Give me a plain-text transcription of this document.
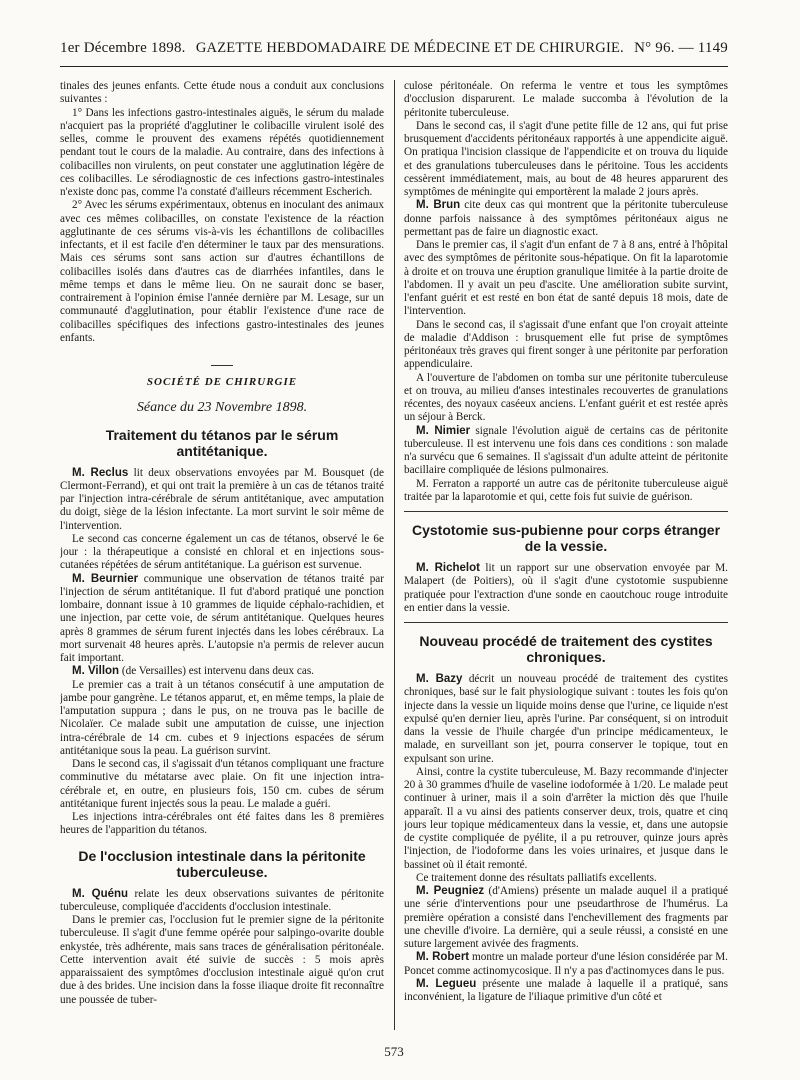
1er Décembre 1898. GAZETTE HEBDOMADAIRE DE MÉDECINE ET DE CHIRURGIE. N° 96. — 1149

tinales des jeunes enfants. Cette étude nous a conduit aux conclusions suivantes :

1° Dans les infections gastro-intestinales aiguës, le sérum du malade n'acquiert pas la propriété d'agglutiner le colibacille virulent isolé des selles, comme le prouvent des examens répétés quotidiennement pendant tout le cours de la maladie. Au contraire, dans des infections à colibacilles non virulents, on peut constater une agglutination légère de ces colibacilles. Le sérodiagnostic de ces infections gastro-intestinales n'existe donc pas, comme l'a constaté d'ailleurs récemment Escherich.

2° Avec les sérums expérimentaux, obtenus en inoculant des animaux avec ces mêmes colibacilles, on constate l'existence de la réaction agglutinante de ces sérums vis-à-vis les échantillons de colibacilles infectants, et il est facile d'en déterminer le taux par des mensurations. Mais ces sérums sont sans action sur d'autres échantillons de colibacilles isolés dans d'autres cas de diarrhées infantiles, dans le même temps et dans le même lieu. On ne saurait donc se baser, contrairement à l'opinion émise l'année dernière par M. Lesage, sur un communauté d'agglutination, pour établir l'existence d'une race de colibacilles spécifiques des infections gastro-intestinales des jeunes enfants.

SOCIÉTÉ DE CHIRURGIE
Séance du 23 Novembre 1898.
Traitement du tétanos par le sérum antitétanique.

M. Reclus lit deux observations envoyées par M. Bousquet (de Clermont-Ferrand), et qui ont trait la première à un cas de tétanos traité par l'injection intra-cérébrale de sérum antitétanique, avec amputation du doigt, siège de la lésion infectante. La mort survint le soir même de l'intervention.

Le second cas concerne également un cas de tétanos, observé le 6e jour : la thérapeutique a consisté en chloral et en injections sous-cutanées répétées de sérum antitétanique. La guérison est survenue.

M. Beurnier communique une observation de tétanos traité par l'injection de sérum antitétanique. Il fut d'abord pratiqué une ponction lombaire, donnant issue à 10 grammes de liquide céphalo-rachidien, et une injection, par cette voie, de sérum antitétanique. Quelques heures après 8 grammes de sérum furent injectés dans les lobes cérébraux. La mort survenait 48 heures après. L'autopsie n'a permis de relever aucun fait important.

M. Villon (de Versailles) est intervenu dans deux cas.

Le premier cas a trait à un tétanos consécutif à une amputation de jambe pour gangrène. Le tétanos apparut, et, en même temps, la plaie de l'amputation suppura ; dans le pus, on ne trouva pas le bacille de Nicolaïer. Ce malade subit une amputation de cuisse, une injection intra-cérébrale de 14 cm. cubes et 9 injections espacées de sérum antitétanique sous la peau. La guérison survint.

Dans le second cas, il s'agissait d'un tétanos compliquant une fracture comminutive du métatarse avec plaie. On fit une injection intra-cérébrale et, en outre, en plusieurs fois, 150 cm. cubes de sérum antitétanique furent injectés sous la peau. Le malade a guéri.

Les injections intra-cérébrales ont été faites dans les 8 premières heures de l'apparition du tétanos.

De l'occlusion intestinale dans la péritonite tuberculeuse.

M. Quénu relate les deux observations suivantes de péritonite tuberculeuse, compliquée d'accidents d'occlusion intestinale.

Dans le premier cas, l'occlusion fut le premier signe de la péritonite tuberculeuse. Il s'agit d'une femme opérée pour salpingo-ovarite double enkystée, très adhérente, mais sans traces de généralisation péritonéale. Cette intervention avait été suivie de succès : 5 mois après apparaissaient des symptômes d'occlusion intestinale aiguë qu'on crut due à des brides. Une incision dans la fosse iliaque droite fit reconnaître une poussée de tuber-

culose péritonéale. On referma le ventre et tous les symptômes d'occlusion disparurent. Le malade succomba à l'évolution de la péritonite tuberculeuse.

Dans le second cas, il s'agit d'une petite fille de 12 ans, qui fut prise brusquement d'accidents péritonéaux rapportés à une appendicite aiguë. On pratiqua l'incision classique de l'appendicite et on trouva du liquide et des granulations tuberculeuses dans le péritoine. Tous les accidents cessèrent immédiatement, mais, au bout de 48 heures apparurent des symptômes de méningite qui emportèrent la malade 2 jours après.

M. Brun cite deux cas qui montrent que la péritonite tuberculeuse donne parfois naissance à des symptômes péritonéaux aigus ne permettant pas de faire un diagnostic exact.

Dans le premier cas, il s'agit d'un enfant de 7 à 8 ans, entré à l'hôpital avec des symptômes de péritonite sous-hépatique. On fit la laparotomie à droite et on trouva une éruption granulique limitée à la partie droite de l'abdomen. Il y avait un peu d'ascite. Une amélioration subite survint, l'enfant guérit et est resté en bon état de santé depuis 18 mois, date de l'intervention.

Dans le second cas, il s'agissait d'une enfant que l'on croyait atteinte de maladie d'Addison : brusquement elle fut prise de symptômes péritonéaux très graves qui firent songer à une péritonite par perforation appendiculaire.

A l'ouverture de l'abdomen on tomba sur une péritonite tuberculeuse et on trouva, au milieu d'anses intestinales recouvertes de granulations récentes, des noyaux caséeux anciens. L'enfant guérit et est restée après un séjour à Berck.

M. Nimier signale l'évolution aiguë de certains cas de péritonite tuberculeuse. Il est intervenu une fois dans ces conditions : son malade n'a survécu que 6 semaines. Il s'agissait d'un adulte atteint de péritonite bacillaire compliquée de lésions pulmonaires.

M. Ferraton a rapporté un autre cas de péritonite tuberculeuse aiguë traitée par la laparotomie et qui, cette fois fut suivie de guérison.

Cystotomie sus-pubienne pour corps étranger de la vessie.

M. Richelot lit un rapport sur une observation envoyée par M. Malapert (de Poitiers), où il s'agit d'une cystotomie suspubienne pratiquée pour l'extraction d'une sonde en caoutchouc rouge introduite en entier dans la vessie.

Nouveau procédé de traitement des cystites chroniques.

M. Bazy décrit un nouveau procédé de traitement des cystites chroniques, basé sur le fait physiologique suivant : toutes les fois qu'on injecte dans la vessie un liquide moins dense que l'urine, ce liquide n'est expulsé qu'en dernier lieu, après l'urine. Par conséquent, si on introduit dans la vessie de l'huile chargée d'un principe médicamenteux, le malade, en surveillant son jet, pourra conserver le topique, tout en expulsant son urine.

Ainsi, contre la cystite tuberculeuse, M. Bazy recommande d'injecter 20 à 30 grammes d'huile de vaseline iodoformée à 1/20. Le malade peut continuer à uriner, mais il a soin d'arrêter la miction dès que l'huile apparaît. Il a vu ainsi des patients conserver deux, trois, quatre et cinq jours leur topique médicamenteux dans la vessie, et, dans une autopsie de cystite compliquée de pyélite, il a pu retrouver, quinze jours après l'injection, de l'iodoforme dans les voies urinaires, et jusque dans le bassinet où il était remonté.

Ce traitement donne des résultats palliatifs excellents.

M. Peugniez (d'Amiens) présente un malade auquel il a pratiqué une série d'interventions pour une pseudarthrose de l'humérus. La première opération a consisté dans l'enchevillement des fragments par une cheville d'ivoire. La dernière, qui a seule réussi, a consisté en une suture largement avivée des fragments.

M. Robert montre un malade porteur d'une lésion considérée par M. Poncet comme actinomycosique. Il n'y a pas d'actinomyces dans le pus.

M. Legueu présente une malade à laquelle il a pratiqué, sans inconvénient, la ligature de l'iliaque primitive d'un côté et

573
